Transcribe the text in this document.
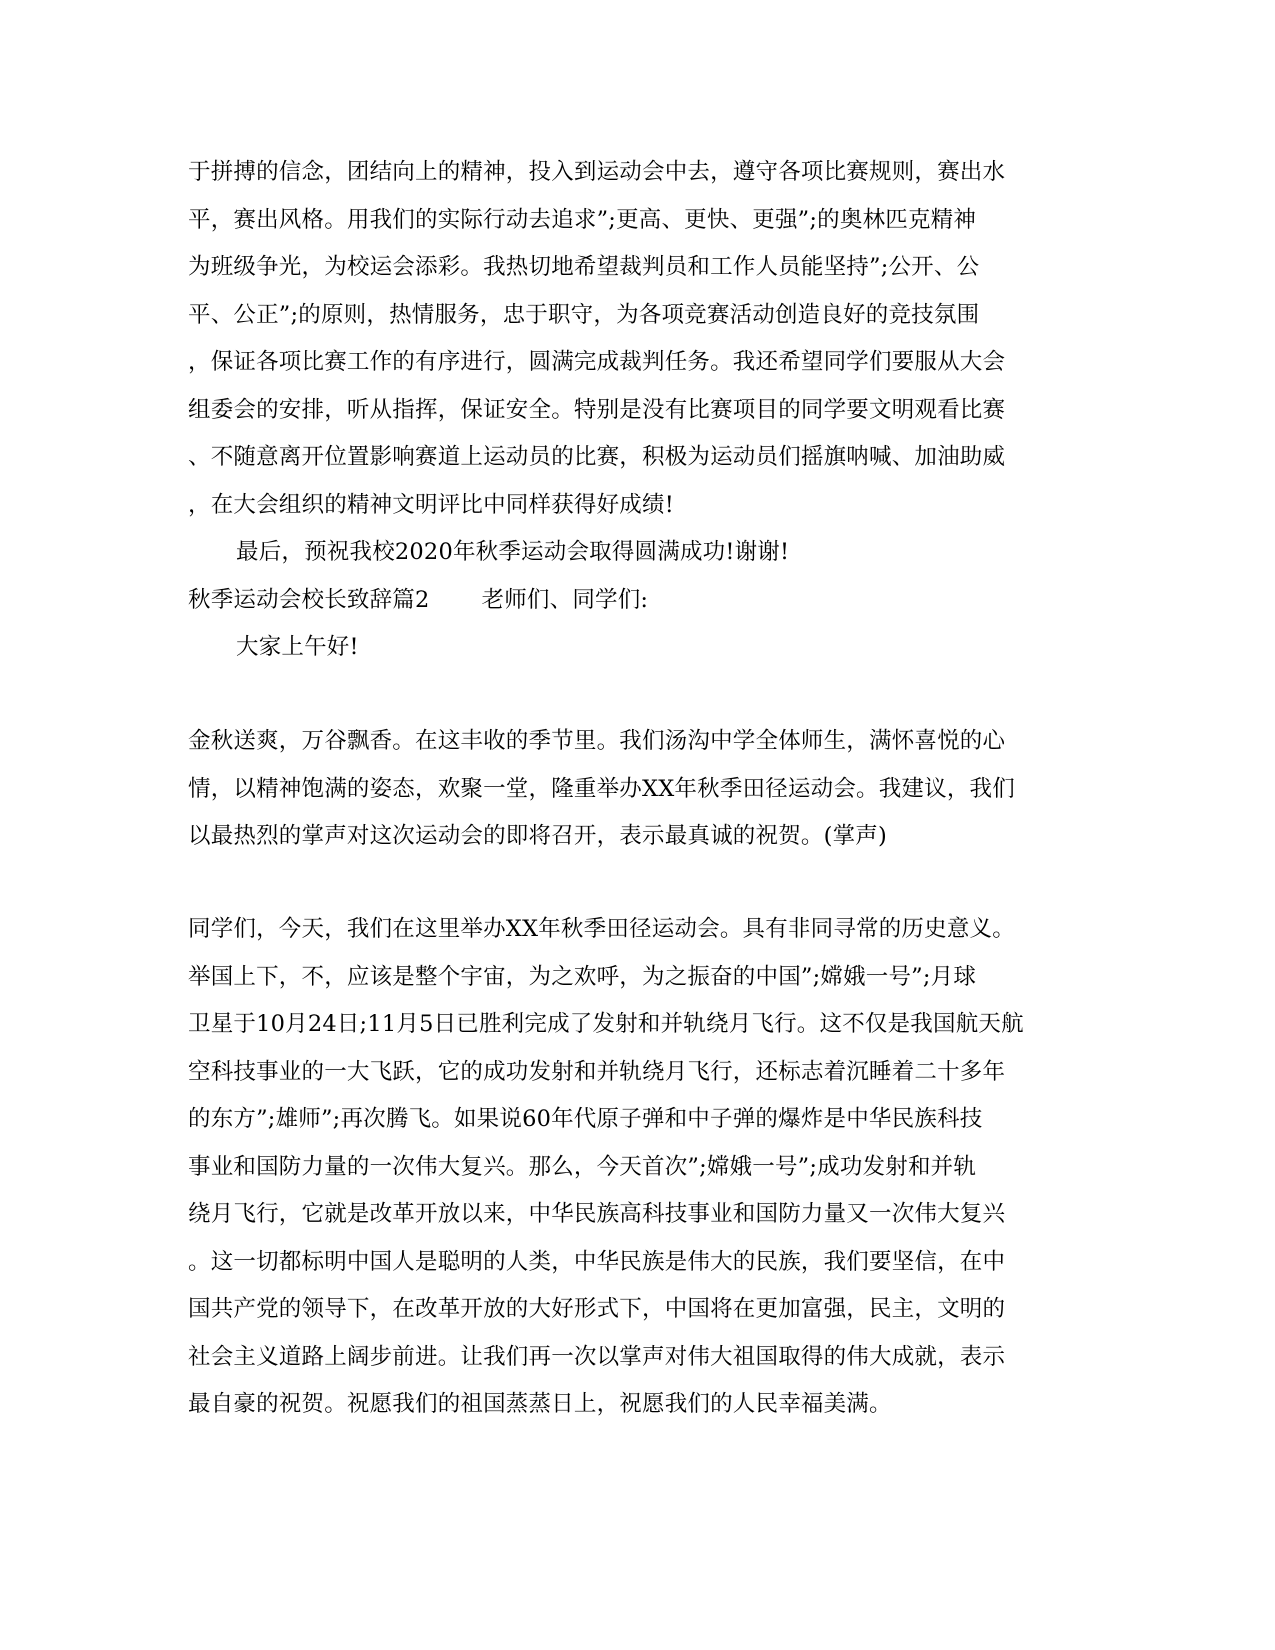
于拼搏的信念，团结向上的精神，投入到运动会中去，遵守各项比赛规则，赛出水
平，赛出风格。用我们的实际行动去追求”;更高、更快、更强”;的奥林匹克精神
为班级争光，为校运会添彩。我热切地希望裁判员和工作人员能坚持”;公开、公
平、公正”;的原则，热情服务，忠于职守，为各项竞赛活动创造良好的竞技氛围
，保证各项比赛工作的有序进行，圆满完成裁判任务。我还希望同学们要服从大会
组委会的安排，听从指挥，保证安全。特别是没有比赛项目的同学要文明观看比赛
、不随意离开位置影响赛道上运动员的比赛，积极为运动员们摇旗呐喊、加油助威
，在大会组织的精神文明评比中同样获得好成绩!
最后，预祝我校2020年秋季运动会取得圆满成功!谢谢!
秋季运动会校长致辞篇2 老师们、同学们:
大家上午好!
金秋送爽，万谷飘香。在这丰收的季节里。我们汤沟中学全体师生，满怀喜悦的心
情，以精神饱满的姿态，欢聚一堂，隆重举办XX年秋季田径运动会。我建议，我们
以最热烈的掌声对这次运动会的即将召开，表示最真诚的祝贺。(掌声)
同学们，今天，我们在这里举办XX年秋季田径运动会。具有非同寻常的历史意义。
举国上下，不，应该是整个宇宙，为之欢呼，为之振奋的中国”;嫦娥一号”;月球
卫星于10月24日;11月5日已胜利完成了发射和并轨绕月飞行。这不仅是我国航天航
空科技事业的一大飞跃，它的成功发射和并轨绕月飞行，还标志着沉睡着二十多年
的东方”;雄师”;再次腾飞。如果说60年代原子弹和中子弹的爆炸是中华民族科技
事业和国防力量的一次伟大复兴。那么，今天首次”;嫦娥一号”;成功发射和并轨
绕月飞行，它就是改革开放以来，中华民族高科技事业和国防力量又一次伟大复兴
。这一切都标明中国人是聪明的人类，中华民族是伟大的民族，我们要坚信，在中
国共产党的领导下，在改革开放的大好形式下，中国将在更加富强，民主，文明的
社会主义道路上阔步前进。让我们再一次以掌声对伟大祖国取得的伟大成就，表示
最自豪的祝贺。祝愿我们的祖国蒸蒸日上，祝愿我们的人民幸福美满。
